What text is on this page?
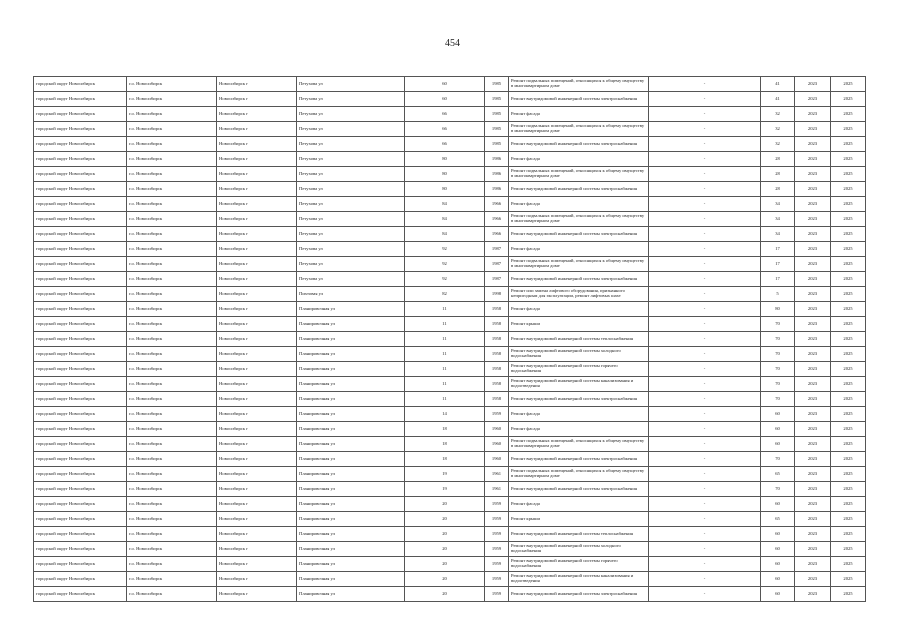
454
городской округ Новосибирск	г.о. Новосибирск	Новосибирск г	Петухова ул	60	1985	Ремонт подвальных помещений, относящихся к общему имуществу в многоквартирном доме	-	41	2023	2025
городской округ Новосибирск	г.о. Новосибирск	Новосибирск г	Петухова ул	60	1985	Ремонт внутридомовой инженерной системы электроснабжения	-	41	2023	2025
городской округ Новосибирск	г.о. Новосибирск	Новосибирск г	Петухова ул	66	1985	Ремонт фасада	-	32	2023	2025
городской округ Новосибирск	г.о. Новосибирск	Новосибирск г	Петухова ул	66	1985	Ремонт подвальных помещений, относящихся к общему имуществу в многоквартирном доме	-	32	2023	2025
городской округ Новосибирск	г.о. Новосибирск	Новосибирск г	Петухова ул	66	1985	Ремонт внутридомовой инженерной системы электроснабжения	-	32	2023	2025
городской округ Новосибирск	г.о. Новосибирск	Новосибирск г	Петухова ул	80	1986	Ремонт фасада	-	28	2023	2025
городской округ Новосибирск	г.о. Новосибирск	Новосибирск г	Петухова ул	80	1986	Ремонт подвальных помещений, относящихся к общему имуществу в многоквартирном доме	-	28	2023	2025
городской округ Новосибирск	г.о. Новосибирск	Новосибирск г	Петухова ул	80	1986	Ремонт внутридомовой инженерной системы электроснабжения	-	28	2023	2025
городской округ Новосибирск	г.о. Новосибирск	Новосибирск г	Петухова ул	84	1966	Ремонт фасада	-	34	2023	2025
городской округ Новосибирск	г.о. Новосибирск	Новосибирск г	Петухова ул	84	1966	Ремонт подвальных помещений, относящихся к общему имуществу в многоквартирном доме	-	34	2023	2025
городской округ Новосибирск	г.о. Новосибирск	Новосибирск г	Петухова ул	84	1966	Ремонт внутридомовой инженерной системы электроснабжения	-	34	2023	2025
городской округ Новосибирск	г.о. Новосибирск	Новосибирск г	Петухова ул	92	1987	Ремонт фасада	-	17	2023	2025
городской округ Новосибирск	г.о. Новосибирск	Новосибирск г	Петухова ул	92	1987	Ремонт подвальных помещений, относящихся к общему имуществу в многоквартирном доме	-	17	2023	2025
городской округ Новосибирск	г.о. Новосибирск	Новосибирск г	Петухова ул	92	1987	Ремонт внутридомовой инженерной системы электроснабжения	-	17	2023	2025
городской округ Новосибирск	г.о. Новосибирск	Новосибирск г	Пихтовая ул	82	1998	Ремонт или замена лифтового оборудования, признанного непригодным для эксплуатации, ремонт лифтовых шахт	-	5	2023	2025
городской округ Новосибирск	г.о. Новосибирск	Новосибирск г	Планировочная ул	11	1958	Ремонт фасада	-	80	2023	2025
городской округ Новосибирск	г.о. Новосибирск	Новосибирск г	Планировочная ул	11	1958	Ремонт крыши	-	70	2023	2025
городской округ Новосибирск	г.о. Новосибирск	Новосибирск г	Планировочная ул	11	1958	Ремонт внутридомовой инженерной системы теплоснабжения	-	70	2023	2025
городской округ Новосибирск	г.о. Новосибирск	Новосибирск г	Планировочная ул	11	1958	Ремонт внутридомовой инженерной системы холодного водоснабжения	-	70	2023	2025
городской округ Новосибирск	г.о. Новосибирск	Новосибирск г	Планировочная ул	11	1958	Ремонт внутридомовой инженерной системы горячего водоснабжения	-	70	2023	2025
городской округ Новосибирск	г.о. Новосибирск	Новосибирск г	Планировочная ул	11	1958	Ремонт внутридомовой инженерной системы канализования и водоотведения	-	70	2023	2025
городской округ Новосибирск	г.о. Новосибирск	Новосибирск г	Планировочная ул	11	1958	Ремонт внутридомовой инженерной системы электроснабжения	-	70	2023	2025
городской округ Новосибирск	г.о. Новосибирск	Новосибирск г	Планировочная ул	14	1959	Ремонт фасада	-	60	2023	2025
городской округ Новосибирск	г.о. Новосибирск	Новосибирск г	Планировочная ул	18	1960	Ремонт фасада	-	60	2023	2025
городской округ Новосибирск	г.о. Новосибирск	Новосибирск г	Планировочная ул	18	1960	Ремонт подвальных помещений, относящихся к общему имуществу в многоквартирном доме	-	60	2023	2025
городской округ Новосибирск	г.о. Новосибирск	Новосибирск г	Планировочная ул	18	1960	Ремонт внутридомовой инженерной системы электроснабжения	-	70	2023	2025
городской округ Новосибирск	г.о. Новосибирск	Новосибирск г	Планировочная ул	19	1961	Ремонт подвальных помещений, относящихся к общему имуществу в многоквартирном доме	-	65	2023	2025
городской округ Новосибирск	г.о. Новосибирск	Новосибирск г	Планировочная ул	19	1961	Ремонт внутридомовой инженерной системы электроснабжения	-	70	2023	2025
городской округ Новосибирск	г.о. Новосибирск	Новосибирск г	Планировочная ул	20	1959	Ремонт фасада	-	60	2023	2025
городской округ Новосибирск	г.о. Новосибирск	Новосибирск г	Планировочная ул	20	1959	Ремонт крыши	-	65	2023	2025
городской округ Новосибирск	г.о. Новосибирск	Новосибирск г	Планировочная ул	20	1959	Ремонт внутридомовой инженерной системы теплоснабжения	-	60	2023	2025
городской округ Новосибирск	г.о. Новосибирск	Новосибирск г	Планировочная ул	20	1959	Ремонт внутридомовой инженерной системы холодного водоснабжения	-	60	2023	2025
городской округ Новосибирск	г.о. Новосибирск	Новосибирск г	Планировочная ул	20	1959	Ремонт внутридомовой инженерной системы горячего водоснабжения	-	60	2023	2025
городской округ Новосибирск	г.о. Новосибирск	Новосибирск г	Планировочная ул	20	1959	Ремонт внутридомовой инженерной системы канализования и водоотведения	-	60	2023	2025
городской округ Новосибирск	г.о. Новосибирск	Новосибирск г	Планировочная ул	20	1959	Ремонт внутридомовой инженерной системы электроснабжения	-	60	2023	2025
